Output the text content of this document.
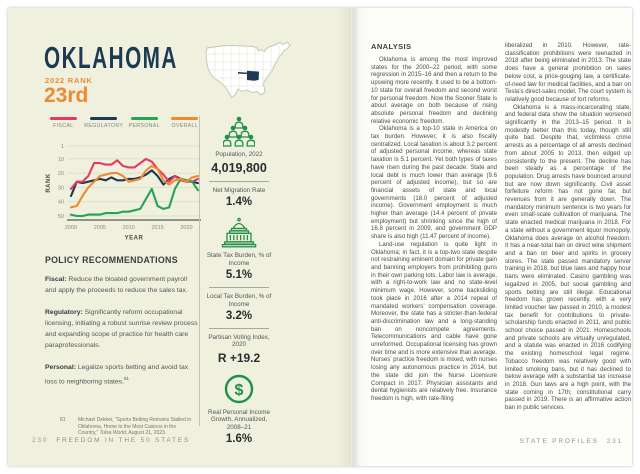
OKLAHOMA
2022 RANK
23rd
FISCAL REGULATORY PERSONAL OVERALL
1
10
20
30
40
50
2000	2005	2010	2015	2020
YEAR
RANK
POLICY RECOMMENDATIONS

Fiscal: Reduce the bloated government payroll and apply the proceeds to reduce the sales tax.

Regulatory: Significantly reform occupational licensing, initiating a robust sunrise review process and expanding scope of practice for health care paraprofessionals.

Personal: Legalize sports betting and avoid tax loss to neighboring states.$^{81}$

81	Michael Dekker, “Sports Betting Remains Stalled in Oklahoma, Home to the Most Casinos in the Country,” Tulsa World, August 21, 2023.
230 FREEDOM IN THE 50 STATES
Population, 2022
4,019,800
Net Migration Rate
1.4%
State Tax Burden, % of Income
5.1%
Local Tax Burden, % of Income
3.2%
Partisan Voting Index, 2020
R +19.2
$
Real Personal Income Growth, Annualized, 2008–21
1.6%
ANALYSIS

Oklahoma is among the most improved states for the 2000–22 period, with some regression in 2015–16 and then a return to the upswing more recently. It used to be a bottom-10 state for overall freedom and second worst for personal freedom. Now the Sooner State is about average on both because of rising absolute personal freedom and declining relative economic freedom.

Oklahoma is a top-10 state in America on tax burden. However, it is also fiscally centralized. Local taxation is about 3.2 percent of adjusted personal income, whereas state taxation is 5.1 percent. Yet both types of taxes have risen during the past decade. State and local debt is much lower than average (9.6 percent of adjusted income), but so are financial assets of state and local governments (18.0 percent of adjusted income). Government employment is much higher than average (14.4 percent of private employment) but shrinking since the high of 16.8 percent in 2009, and government GDP share is also high (11.47 percent of income).

Land-use regulation is quite light in Oklahoma; in fact, it is a top-two state despite not restraining eminent domain for private gain and banning employers from prohibiting guns in their own parking lots. Labor law is average, with a right-to-work law and no state-level minimum wage. However, some backsliding took place in 2016 after a 2014 repeal of mandated workers’ compensation coverage. Moreover, the state has a stricter-than-federal anti-discrimination law and a long-standing ban on noncompete agreements. Telecommunications and cable have gone unreformed. Occupational licensing has grown over time and is more extensive than average. Nurses’ practice freedom is mixed, with nurses losing any autonomous practice in 2014, but the state did join the Nurse Licensure Compact in 2017. Physician assistants and dental hygienists are relatively free. Insurance freedom is high, with rate-filing

liberalized in 2010. However, rate-classification prohibitions were reenacted in 2018 after being eliminated in 2013. The state does have a general prohibition on sales below cost, a price-gouging law, a certificate-of-need law for medical facilities, and a ban on Tesla’s direct-sales model. The court system is relatively good because of tort reforms.

Oklahoma is a mass-incarcerating state, and federal data show the situation worsened significantly in the 2013–15 period. It is modestly better than this today, though still quite bad. Despite that, victimless crime arrests as a percentage of all arrests declined from about 2005 to 2013, then edged up consistently to the present. The decline has been steady as a percentage of the population. Drug arrests have bounced around but are now down significantly. Civil asset forfeiture reform has not gone far, but revenues from it are generally down. The mandatory minimum sentence is two years for even small-scale cultivation of marijuana. The state enacted medical marijuana in 2018. For a state without a government liquor monopoly, Oklahoma does average on alcohol freedom. It has a near-total ban on direct wine shipment and a ban on beer and spirits in grocery stores. The state passed mandatory server training in 2018, but blue laws and happy hour bans were eliminated. Casino gambling was legalized in 2005, but social gambling and sports betting are still illegal. Educational freedom has grown recently, with a very limited voucher law passed in 2010, a modest tax benefit for contributions to private-scholarship funds enacted in 2011, and public school choice passed in 2021. Homeschools and private schools are virtually unregulated, and a statute was enacted in 2016 codifying the existing homeschool legal regime. Tobacco freedom was relatively good with limited smoking bans, but it has declined to below average with a substantial tax increase in 2018. Gun laws are a high point, with the state coming in 17th; constitutional carry passed in 2019. There is an affirmative action ban in public services.

STATE PROFILES 231
